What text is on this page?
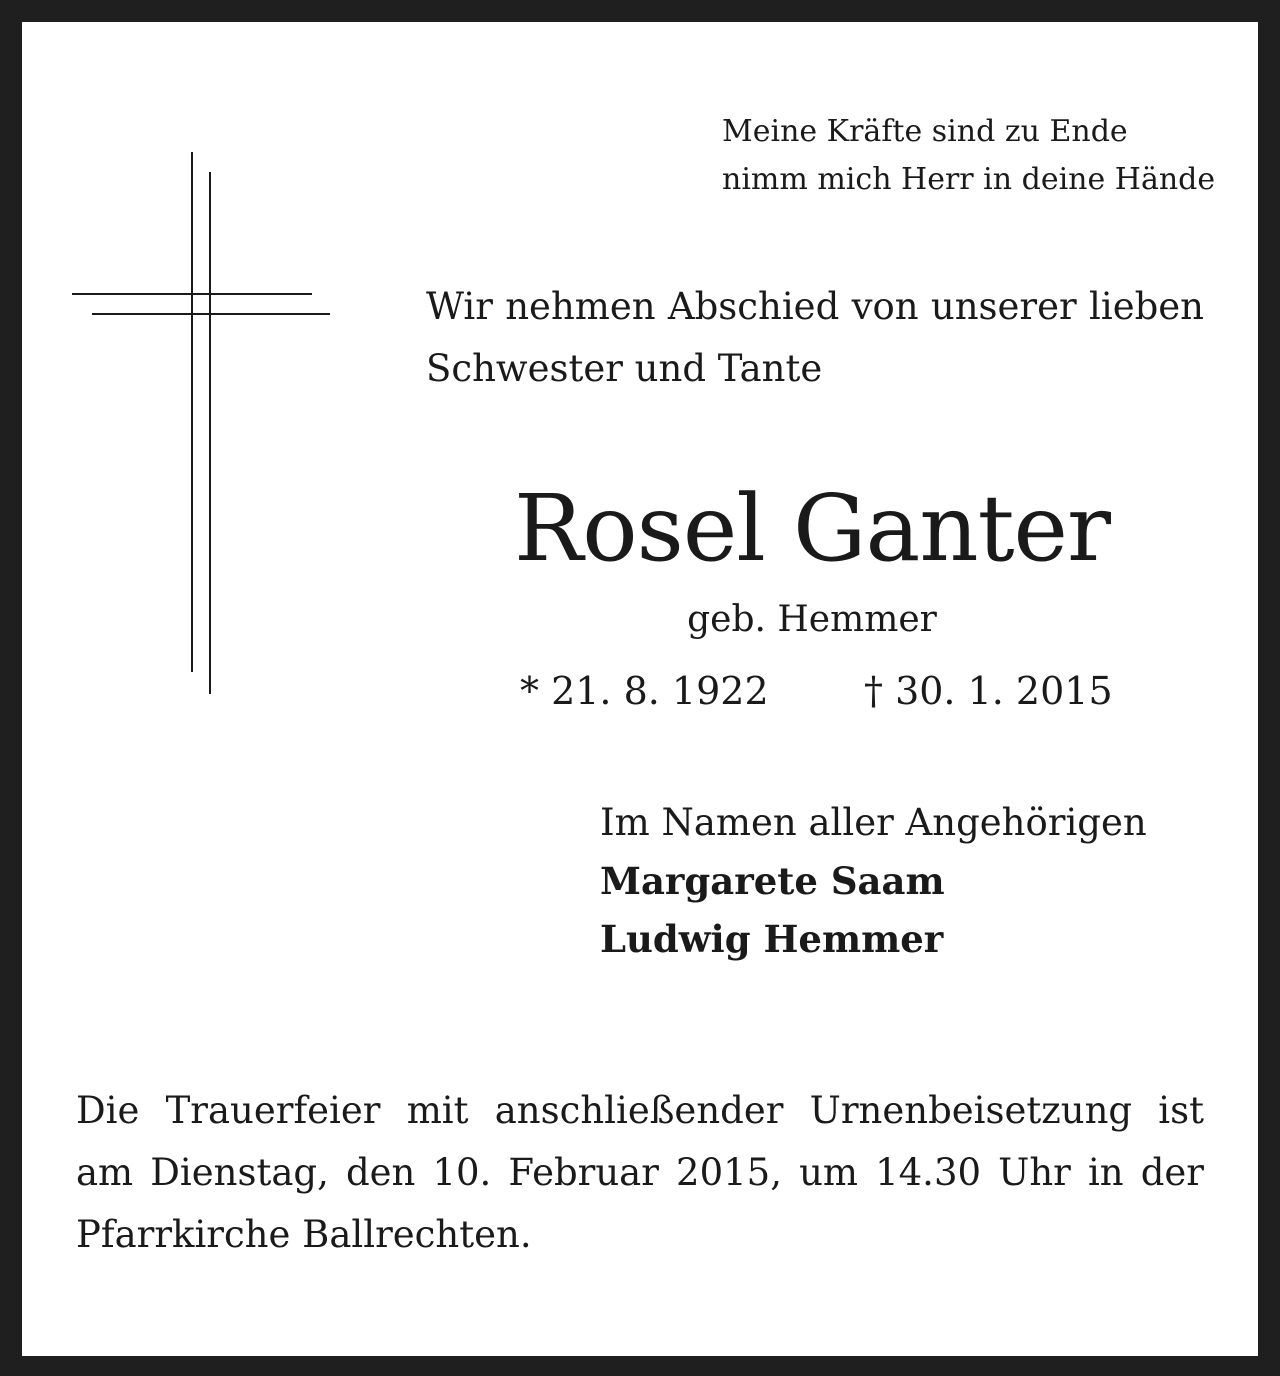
Meine Kräfte sind zu Ende
nimm mich Herr in deine Hände
Wir nehmen Abschied von unserer lieben
Schwester und Tante
Rosel Ganter
geb. Hemmer
* 21. 8. 1922	† 30. 1. 2015
Im Namen aller Angehörigen
Margarete Saam
Ludwig Hemmer
Die Trauerfeier mit anschließender Urnenbeisetzung ist
am Dienstag, den 10. Februar 2015, um 14.30 Uhr in der
Pfarrkirche Ballrechten.
